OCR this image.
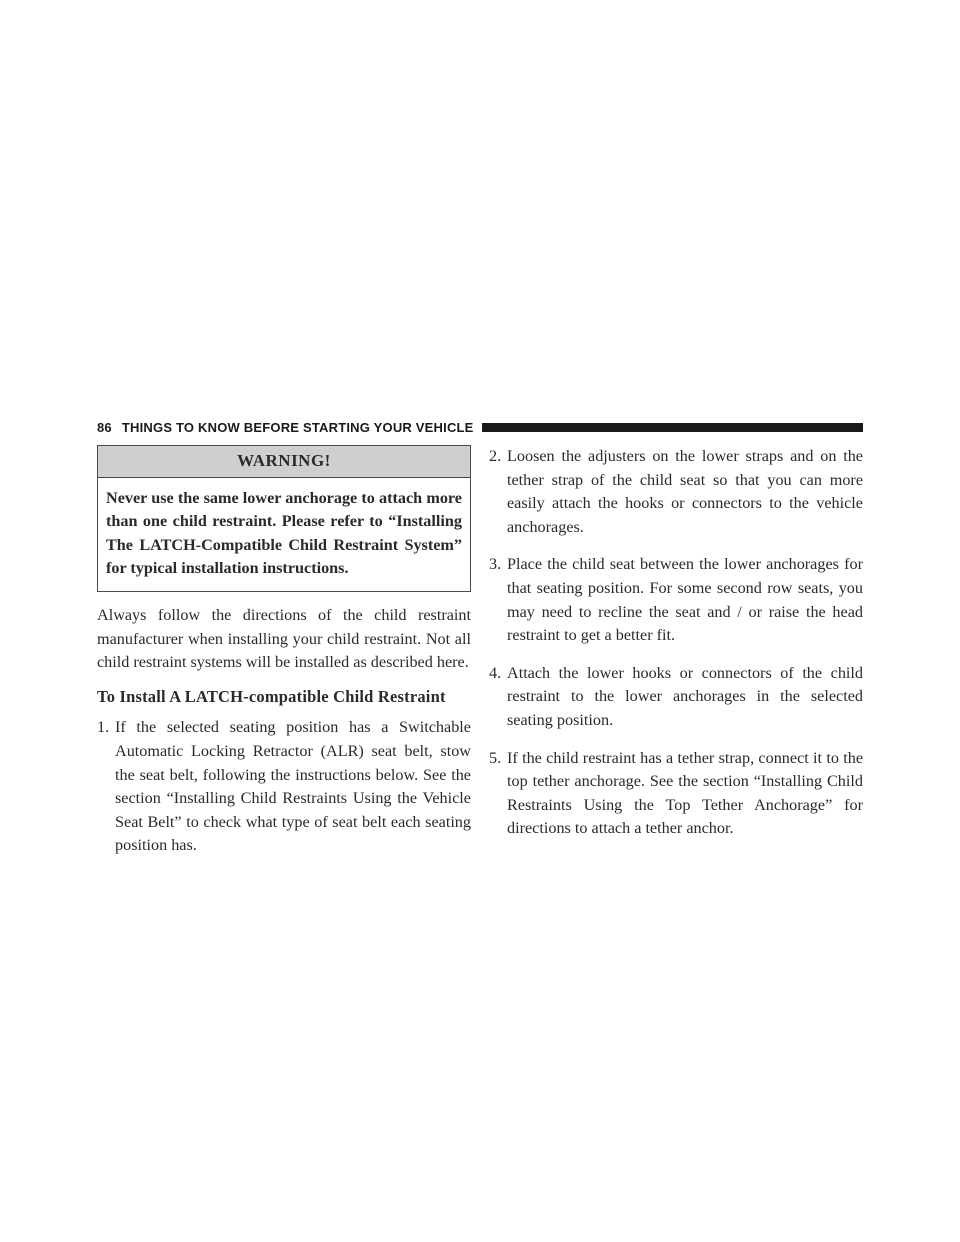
86 THINGS TO KNOW BEFORE STARTING YOUR VEHICLE
WARNING!
Never use the same lower anchorage to attach more than one child restraint. Please refer to “Installing The LATCH-Compatible Child Restraint System” for typical installation instructions.

Always follow the directions of the child restraint manufacturer when installing your child restraint. Not all child restraint systems will be installed as described here.

To Install A LATCH-compatible Child Restraint
1. If the selected seating position has a Switchable Automatic Locking Retractor (ALR) seat belt, stow the seat belt, following the instructions below. See the section “Installing Child Restraints Using the Vehicle Seat Belt” to check what type of seat belt each seating position has.
2. Loosen the adjusters on the lower straps and on the tether strap of the child seat so that you can more easily attach the hooks or connectors to the vehicle anchorages.
3. Place the child seat between the lower anchorages for that seating position. For some second row seats, you may need to recline the seat and / or raise the head restraint to get a better fit.
4. Attach the lower hooks or connectors of the child restraint to the lower anchorages in the selected seating position.
5. If the child restraint has a tether strap, connect it to the top tether anchorage. See the section “Installing Child Restraints Using the Top Tether Anchorage” for directions to attach a tether anchor.
